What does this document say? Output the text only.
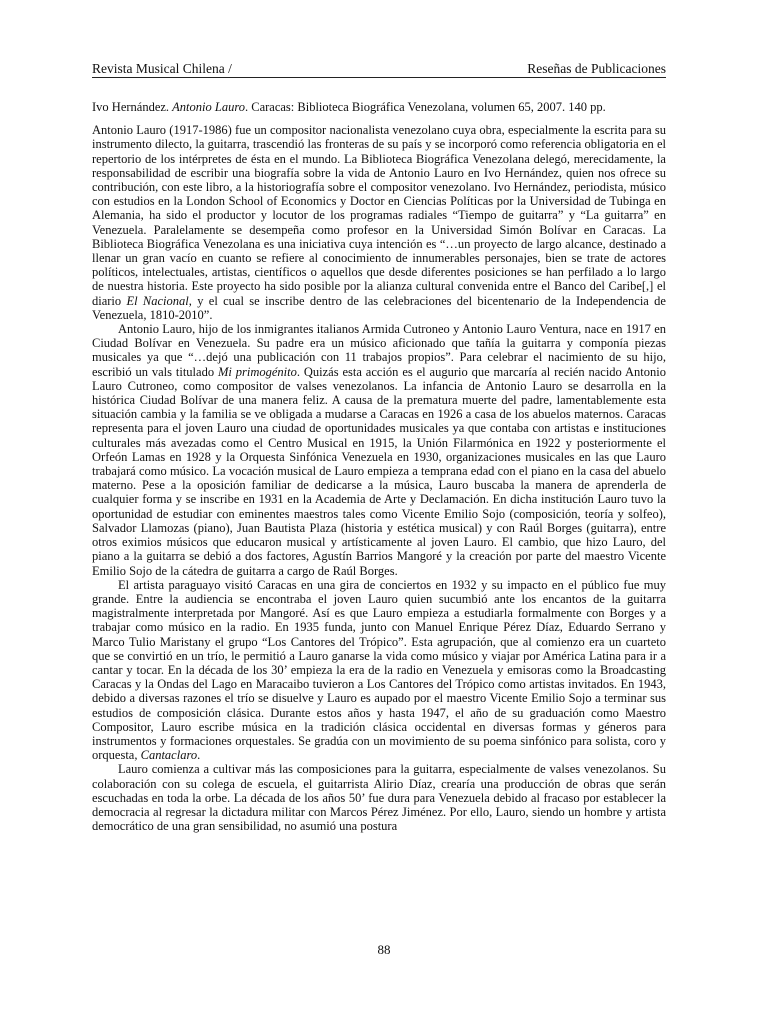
Revista Musical Chilena /	Reseñas de Publicaciones

Ivo Hernández. Antonio Lauro. Caracas: Biblioteca Biográfica Venezolana, volumen 65, 2007. 140 pp.

Antonio Lauro (1917-1986) fue un compositor nacionalista venezolano cuya obra, especialmente la escrita para su instrumento dilecto, la guitarra, trascendió las fronteras de su país y se incorporó como referencia obligatoria en el repertorio de los intérpretes de ésta en el mundo. La Biblioteca Biográfica Venezolana delegó, merecidamente, la responsabilidad de escribir una biografía sobre la vida de Antonio Lauro en Ivo Hernández, quien nos ofrece su contribución, con este libro, a la historiografía sobre el compositor venezolano. Ivo Hernández, periodista, músico con estudios en la London School of Economics y Doctor en Ciencias Políticas por la Universidad de Tubinga en Alemania, ha sido el productor y locutor de los programas radiales “Tiempo de guitarra” y “La guitarra” en Venezuela. Paralelamente se desempeña como profesor en la Universidad Simón Bolívar en Caracas. La Biblioteca Biográfica Venezolana es una iniciativa cuya intención es “…un proyecto de largo alcance, destinado a llenar un gran vacío en cuanto se refiere al conocimiento de innumerables personajes, bien se trate de actores políticos, intelectuales, artistas, científicos o aquellos que desde diferentes posiciones se han perfilado a lo largo de nuestra historia. Este proyecto ha sido posible por la alianza cultural convenida entre el Banco del Caribe[,] el diario El Nacional, y el cual se inscribe dentro de las celebraciones del bicentenario de la Independencia de Venezuela, 1810-2010”.

Antonio Lauro, hijo de los inmigrantes italianos Armida Cutroneo y Antonio Lauro Ventura, nace en 1917 en Ciudad Bolívar en Venezuela. Su padre era un músico aficionado que tañía la guitarra y componía piezas musicales ya que “…dejó una publicación con 11 trabajos propios”. Para celebrar el nacimiento de su hijo, escribió un vals titulado Mi primogénito. Quizás esta acción es el augurio que marcaría al recién nacido Antonio Lauro Cutroneo, como compositor de valses venezolanos. La infancia de Antonio Lauro se desarrolla en la histórica Ciudad Bolívar de una manera feliz. A causa de la prematura muerte del padre, lamentablemente esta situación cambia y la familia se ve obligada a mudarse a Caracas en 1926 a casa de los abuelos maternos. Caracas representa para el joven Lauro una ciudad de oportunidades musicales ya que contaba con artistas e instituciones culturales más avezadas como el Centro Musical en 1915, la Unión Filarmónica en 1922 y posteriormente el Orfeón Lamas en 1928 y la Orquesta Sinfónica Venezuela en 1930, organizaciones musicales en las que Lauro trabajará como músico. La vocación musical de Lauro empieza a temprana edad con el piano en la casa del abuelo materno. Pese a la oposición familiar de dedicarse a la música, Lauro buscaba la manera de aprenderla de cualquier forma y se inscribe en 1931 en la Academia de Arte y Declamación. En dicha institución Lauro tuvo la oportunidad de estudiar con eminentes maestros tales como Vicente Emilio Sojo (composición, teoría y solfeo), Salvador Llamozas (piano), Juan Bautista Plaza (historia y estética musical) y con Raúl Borges (guitarra), entre otros eximios músicos que educaron musical y artísticamente al joven Lauro. El cambio, que hizo Lauro, del piano a la guitarra se debió a dos factores, Agustín Barrios Mangoré y la creación por parte del maestro Vicente Emilio Sojo de la cátedra de guitarra a cargo de Raúl Borges.

El artista paraguayo visitó Caracas en una gira de conciertos en 1932 y su impacto en el público fue muy grande. Entre la audiencia se encontraba el joven Lauro quien sucumbió ante los encantos de la guitarra magistralmente interpretada por Mangoré. Así es que Lauro empieza a estudiarla formalmente con Borges y a trabajar como músico en la radio. En 1935 funda, junto con Manuel Enrique Pérez Díaz, Eduardo Serrano y Marco Tulio Maristany el grupo “Los Cantores del Trópico”. Esta agrupación, que al comienzo era un cuarteto que se convirtió en un trío, le permitió a Lauro ganarse la vida como músico y viajar por América Latina para ir a cantar y tocar. En la década de los 30’ empieza la era de la radio en Venezuela y emisoras como la Broadcasting Caracas y la Ondas del Lago en Maracaibo tuvieron a Los Cantores del Trópico como artistas invitados. En 1943, debido a diversas razones el trío se disuelve y Lauro es aupado por el maestro Vicente Emilio Sojo a terminar sus estudios de composición clásica. Durante estos años y hasta 1947, el año de su graduación como Maestro Compositor, Lauro escribe música en la tradición clásica occidental en diversas formas y géneros para instrumentos y formaciones orquestales. Se gradúa con un movimiento de su poema sinfónico para solista, coro y orquesta, Cantaclaro.

Lauro comienza a cultivar más las composiciones para la guitarra, especialmente de valses venezolanos. Su colaboración con su colega de escuela, el guitarrista Alirio Díaz, crearía una producción de obras que serán escuchadas en toda la orbe. La década de los años 50’ fue dura para Venezuela debido al fracaso por establecer la democracia al regresar la dictadura militar con Marcos Pérez Jiménez. Por ello, Lauro, siendo un hombre y artista democrático de una gran sensibilidad, no asumió una postura

88
